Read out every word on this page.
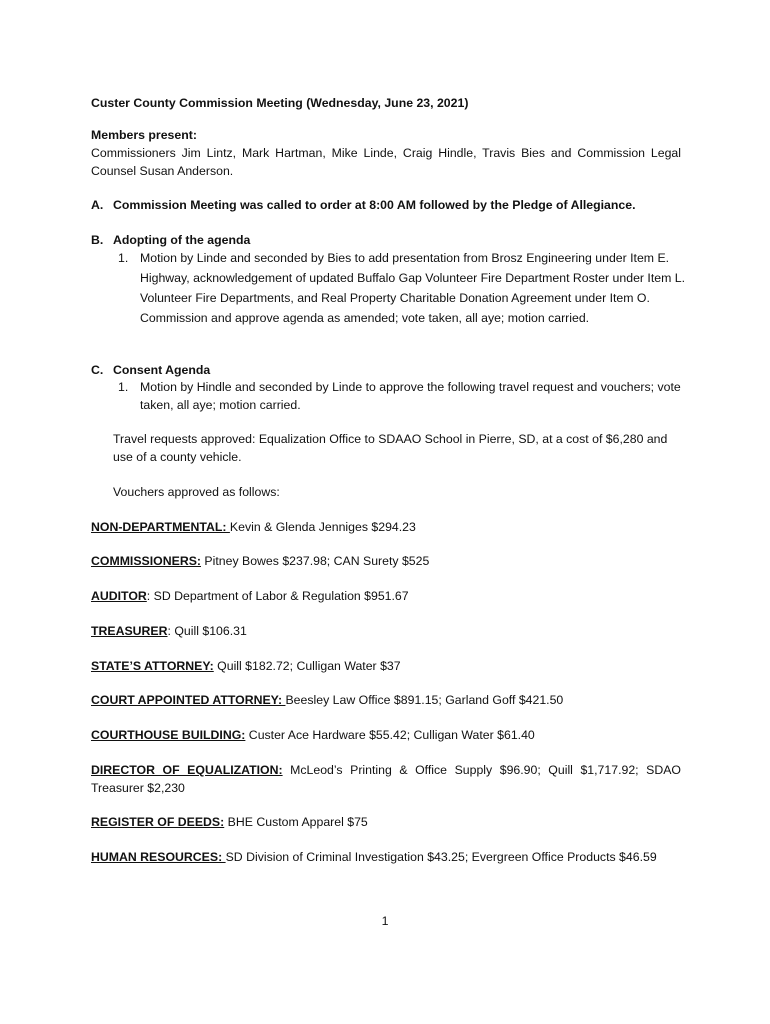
Custer County Commission Meeting (Wednesday, June 23, 2021)

Members present:

Commissioners Jim Lintz, Mark Hartman, Mike Linde, Craig Hindle, Travis Bies and Commission Legal Counsel Susan Anderson.

A. Commission Meeting was called to order at 8:00 AM followed by the Pledge of Allegiance.
B. Adopting of the agenda
1. Motion by Linde and seconded by Bies to add presentation from Brosz Engineering under Item E. Highway, acknowledgement of updated Buffalo Gap Volunteer Fire Department Roster under Item L. Volunteer Fire Departments, and Real Property Charitable Donation Agreement under Item O. Commission and approve agenda as amended; vote taken, all aye; motion carried.
C. Consent Agenda
1. Motion by Hindle and seconded by Linde to approve the following travel request and vouchers; vote taken, all aye; motion carried.

Travel requests approved: Equalization Office to SDAAO School in Pierre, SD, at a cost of $6,280 and use of a county vehicle.

Vouchers approved as follows:

NON-DEPARTMENTAL: Kevin & Glenda Jenniges $294.23

COMMISSIONERS: Pitney Bowes $237.98; CAN Surety $525

AUDITOR: SD Department of Labor & Regulation $951.67

TREASURER: Quill $106.31

STATE’S ATTORNEY: Quill $182.72; Culligan Water $37

COURT APPOINTED ATTORNEY: Beesley Law Office $891.15; Garland Goff $421.50

COURTHOUSE BUILDING: Custer Ace Hardware $55.42; Culligan Water $61.40

DIRECTOR OF EQUALIZATION: McLeod’s Printing & Office Supply $96.90; Quill $1,717.92; SDAO Treasurer $2,230

REGISTER OF DEEDS: BHE Custom Apparel $75

HUMAN RESOURCES: SD Division of Criminal Investigation $43.25; Evergreen Office Products $46.59

1
